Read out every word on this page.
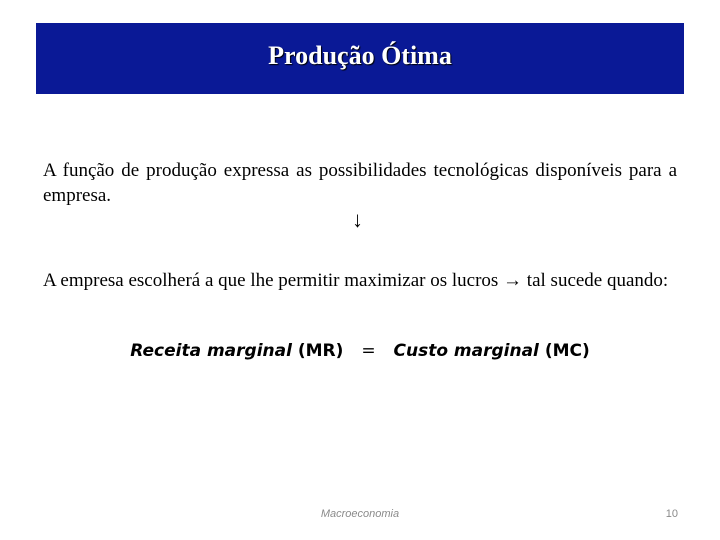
Produção Ótima
A função de produção expressa as possibilidades tecnológicas disponíveis para a empresa.
↓
A empresa escolherá a que lhe permitir maximizar os lucros → tal sucede quando:
Receita marginal (MR) = Custo marginal (MC)
Macroeconomia	10
